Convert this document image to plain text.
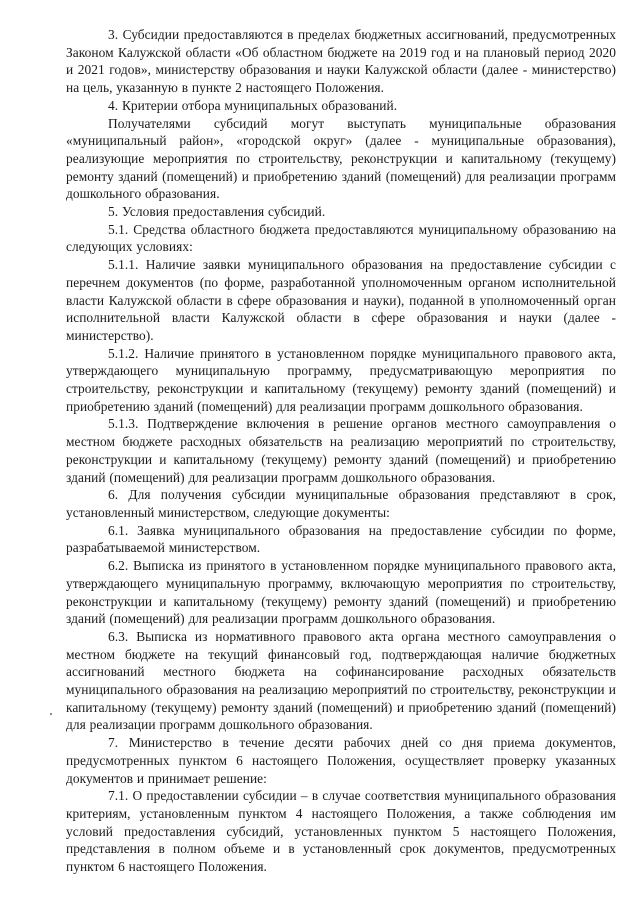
3. Субсидии предоставляются в пределах бюджетных ассигнований, предусмотренных Законом Калужской области «Об областном бюджете на 2019 год и на плановый период 2020 и 2021 годов», министерству образования и науки Калужской области (далее - министерство) на цель, указанную в пункте 2 настоящего Положения.

4. Критерии отбора муниципальных образований.

Получателями субсидий могут выступать муниципальные образования «муниципальный район», «городской округ» (далее - муниципальные образования), реализующие мероприятия по строительству, реконструкции и капитальному (текущему) ремонту зданий (помещений) и приобретению зданий (помещений) для реализации программ дошкольного образования.

5. Условия предоставления субсидий.

5.1. Средства областного бюджета предоставляются муниципальному образованию на следующих условиях:

5.1.1. Наличие заявки муниципального образования на предоставление субсидии с перечнем документов (по форме, разработанной уполномоченным органом исполнительной власти Калужской области в сфере образования и науки), поданной в уполномоченный орган исполнительной власти Калужской области в сфере образования и науки (далее - министерство).

5.1.2. Наличие принятого в установленном порядке муниципального правового акта, утверждающего муниципальную программу, предусматривающую мероприятия по строительству, реконструкции и капитальному (текущему) ремонту зданий (помещений) и приобретению зданий (помещений) для реализации программ дошкольного образования.

5.1.3. Подтверждение включения в решение органов местного самоуправления о местном бюджете расходных обязательств на реализацию мероприятий по строительству, реконструкции и капитальному (текущему) ремонту зданий (помещений) и приобретению зданий (помещений) для реализации программ дошкольного образования.

6. Для получения субсидии муниципальные образования представляют в срок, установленный министерством, следующие документы:

6.1. Заявка муниципального образования на предоставление субсидии по форме, разрабатываемой министерством.

6.2. Выписка из принятого в установленном порядке муниципального правового акта, утверждающего муниципальную программу, включающую мероприятия по строительству, реконструкции и капитальному (текущему) ремонту зданий (помещений) и приобретению зданий (помещений) для реализации программ дошкольного образования.

6.3. Выписка из нормативного правового акта органа местного самоуправления о местном бюджете на текущий финансовый год, подтверждающая наличие бюджетных ассигнований местного бюджета на софинансирование расходных обязательств муниципального образования на реализацию мероприятий по строительству, реконструкции и капитальному (текущему) ремонту зданий (помещений) и приобретению зданий (помещений) для реализации программ дошкольного образования.

7. Министерство в течение десяти рабочих дней со дня приема документов, предусмотренных пунктом 6 настоящего Положения, осуществляет проверку указанных документов и принимает решение:

7.1. О предоставлении субсидии – в случае соответствия муниципального образования критериям, установленным пунктом 4 настоящего Положения, а также соблюдения им условий предоставления субсидий, установленных пунктом 5 настоящего Положения, представления в полном объеме и в установленный срок документов, предусмотренных пунктом 6 настоящего Положения.
